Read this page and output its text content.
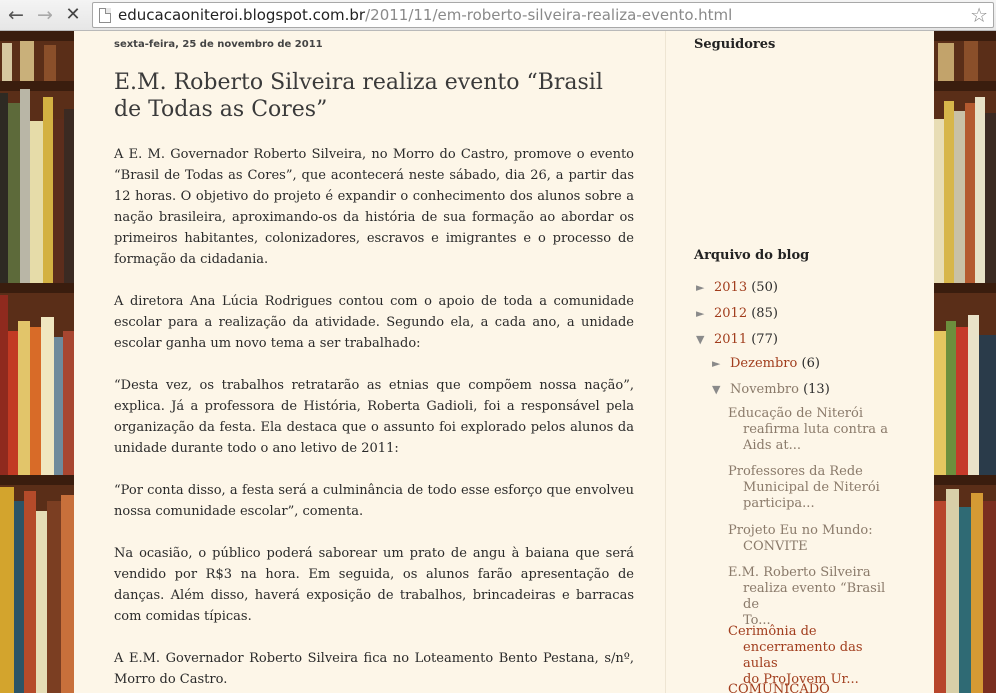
← → ✕ educacaoniteroi.blogspot.com.br/2011/11/em-roberto-silveira-realiza-evento.html	☆
sexta-feira, 25 de novembro de 2011
E.M. Roberto Silveira realiza evento “Brasil de Todas as Cores”

A E. M. Governador Roberto Silveira, no Morro do Castro, promove o evento “Brasil de Todas as Cores”, que acontecerá neste sábado, dia 26, a partir das 12 horas. O objetivo do projeto é expandir o conhecimento dos alunos sobre a nação brasileira, aproximando-os da história de sua formação ao abordar os primeiros habitantes, colonizadores, escravos e imigrantes e o processo de formação da cidadania.

A diretora Ana Lúcia Rodrigues contou com o apoio de toda a comunidade escolar para a realização da atividade. Segundo ela, a cada ano, a unidade escolar ganha um novo tema a ser trabalhado:

“Desta vez, os trabalhos retratarão as etnias que compõem nossa nação”, explica. Já a professora de História, Roberta Gadioli, foi a responsável pela organização da festa. Ela destaca que o assunto foi explorado pelos alunos da unidade durante todo o ano letivo de 2011:

“Por conta disso, a festa será a culminância de todo esse esforço que envolveu nossa comunidade escolar”, comenta.

Na ocasião, o público poderá saborear um prato de angu à baiana que será vendido por R$3 na hora. Em seguida, os alunos farão apresentação de danças. Além disso, haverá exposição de trabalhos, brincadeiras e barracas com comidas típicas.

A E.M. Governador Roberto Silveira fica no Loteamento Bento Pestana, s/nº, Morro do Castro.

Seguidores
Arquivo do blog
► 2013 (50)
► 2012 (85)
▼ 2011 (77)
► Dezembro (6)
▼ Novembro (13)
Educação de Niterói
reafirma luta contra a
Aids at...
Professores da Rede
Municipal de Niterói
participa...
Projeto Eu no Mundo:
CONVITE
E.M. Roberto Silveira
realiza evento “Brasil de
To...
Cerimônia de
encerramento das aulas
do ProJovem Ur...
COMUNICADO
